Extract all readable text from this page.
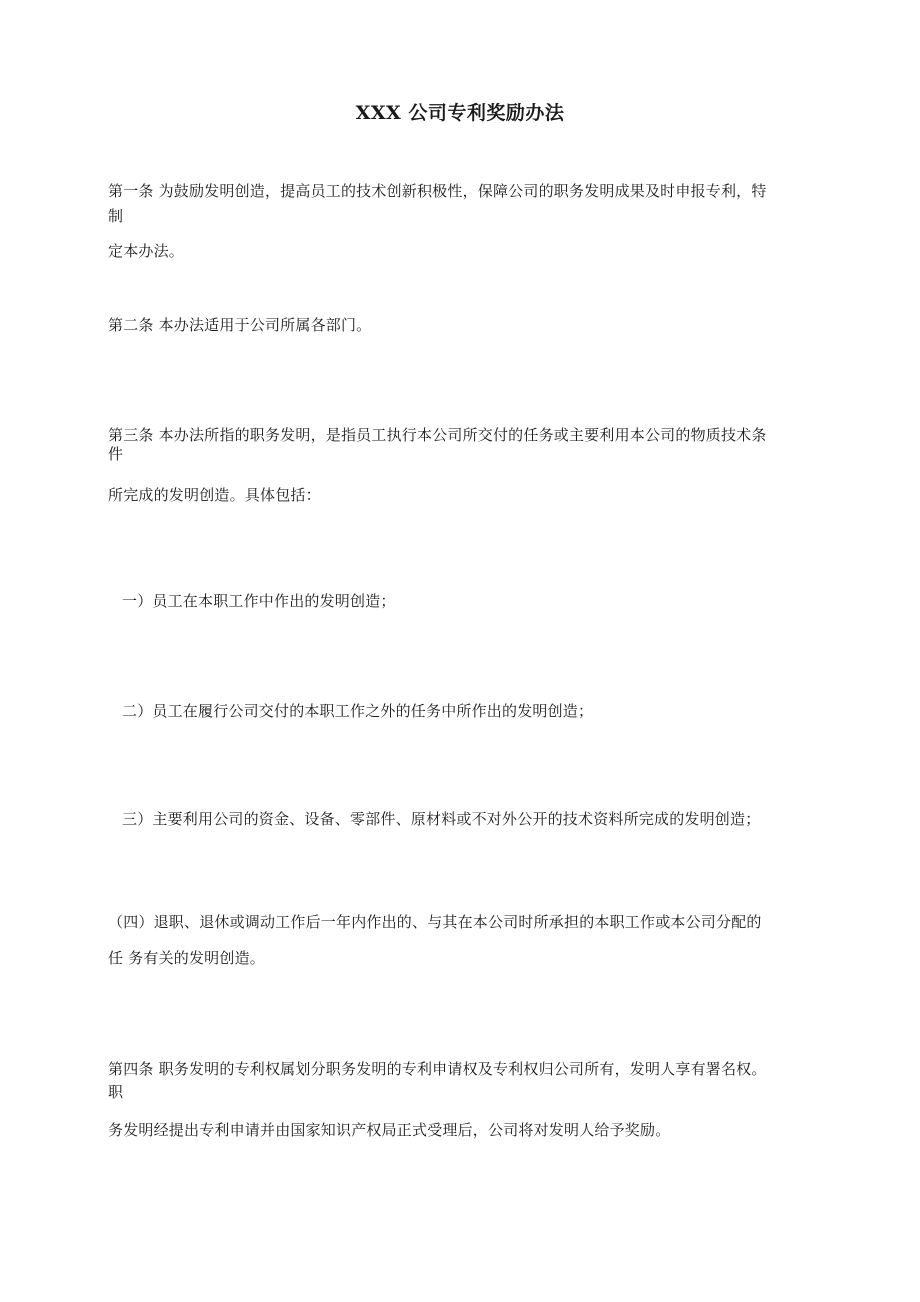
XXX 公司专利奖励办法
第一条 为鼓励发明创造，提高员工的技术创新积极性，保障公司的职务发明成果及时申报专利，特
制
定本办法。
第二条 本办法适用于公司所属各部门。
第三条 本办法所指的职务发明，是指员工执行本公司所交付的任务或主要利用本公司的物质技术条
件
所完成的发明创造。具体包括：
一）员工在本职工作中作出的发明创造；
二）员工在履行公司交付的本职工作之外的任务中所作出的发明创造；
三）主要利用公司的资金、设备、零部件、原材料或不对外公开的技术资料所完成的发明创造；
（四）退职、退休或调动工作后一年内作出的、与其在本公司时所承担的本职工作或本公司分配的
任 务有关的发明创造。
第四条 职务发明的专利权属划分职务发明的专利申请权及专利权归公司所有，发明人享有署名权。
职
务发明经提出专利申请并由国家知识产权局正式受理后，公司将对发明人给予奖励。
